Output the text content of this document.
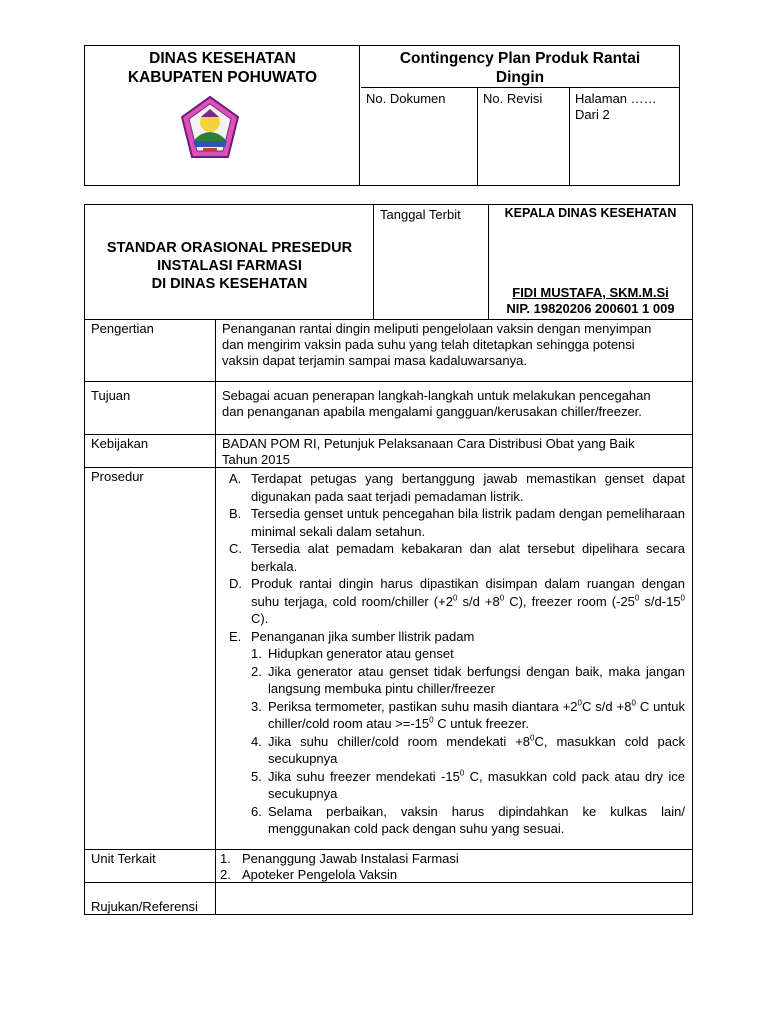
DINAS KESEHATAN
KABUPATEN POHUWATO
Contingency Plan Produk Rantai
Dingin
No. Dokumen	No. Revisi	Halaman ……
Dari 2
STANDAR ORASIONAL PRESEDUR
INSTALASI FARMASI
DI DINAS KESEHATAN
Tanggal Terbit	KEPALA DINAS KESEHATAN
FIDI MUSTAFA, SKM.M.Si
NIP. 19820206 200601 1 009
Pengertian	Penanganan rantai dingin meliputi pengelolaan vaksin dengan menyimpan
dan mengirim vaksin pada suhu yang telah ditetapkan sehingga potensi
vaksin dapat terjamin sampai masa kadaluwarsanya.
Tujuan	Sebagai acuan penerapan langkah-langkah untuk melakukan pencegahan
dan penanganan apabila mengalami gangguan/kerusakan chiller/freezer.
Kebijakan	BADAN POM RI, Petunjuk Pelaksanaan Cara Distribusi Obat yang Baik
Tahun 2015
Prosedur	A. Terdapat petugas yang bertanggung jawab memastikan genset dapat digunakan pada saat terjadi pemadaman listrik.
B. Tersedia genset untuk pencegahan bila listrik padam dengan pemeliharaan minimal sekali dalam setahun.
C. Tersedia alat pemadam kebakaran dan alat tersebut dipelihara secara berkala.
D. Produk rantai dingin harus dipastikan disimpan dalam ruangan dengan suhu terjaga, cold room/chiller ($+2^0$ $s/d +8^0$ C), freezer room ($-25^0$ $s/d-15^0$ C).
E. Penanganan jika sumber llistrik padam
1. Hidupkan generator atau genset
2. Jika generator atau genset tidak berfungsi dengan baik, maka jangan langsung membuka pintu chiller/freezer
3. Periksa termometer, pastikan suhu masih diantara $+2^0C$ $s/d +8^0$ C untuk chiller/cold room atau $>=-15^0$ C untuk freezer.
4. Jika suhu chiller/cold room mendekati $+8^0C$, masukkan cold pack secukupnya
5. Jika suhu freezer mendekati $-15^0$ C, masukkan cold pack atau dry ice secukupnya
6. Selama perbaikan, vaksin harus dipindahkan ke kulkas lain/ menggunakan cold pack dengan suhu yang sesuai.
Unit Terkait	1. Penanggung Jawab Instalasi Farmasi
2. Apoteker Pengelola Vaksin
Rujukan/Referensi
